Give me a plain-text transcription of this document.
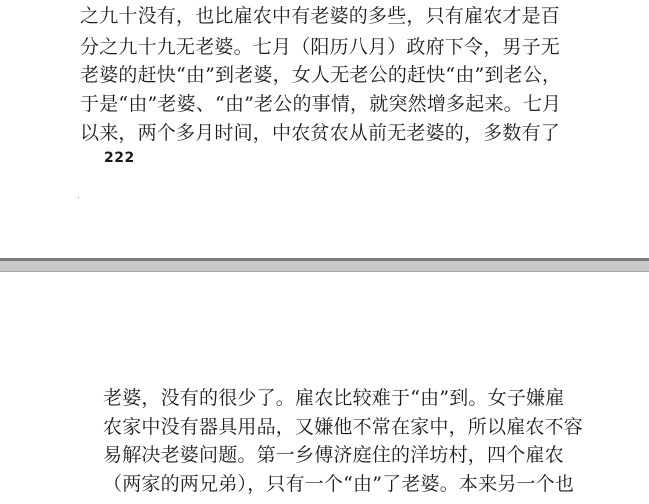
之九十没有，也比雇农中有老婆的多些，只有雇农才是百
分之九十九无老婆。七月（阳历八月）政府下令，男子无
老婆的赶快“由”到老婆，女人无老公的赶快“由”到老公，
于是“由”老婆、“由”老公的事情，就突然增多起来。七月
以来，两个多月时间，中农贫农从前无老婆的，多数有了
222
老婆，没有的很少了。雇农比较难于“由”到。女子嫌雇
农家中没有器具用品，又嫌他不常在家中，所以雇农不容
易解决老婆问题。第一乡傅济庭住的洋坊村，四个雇农
（两家的两兄弟），只有一个“由”了老婆。本来另一个也
